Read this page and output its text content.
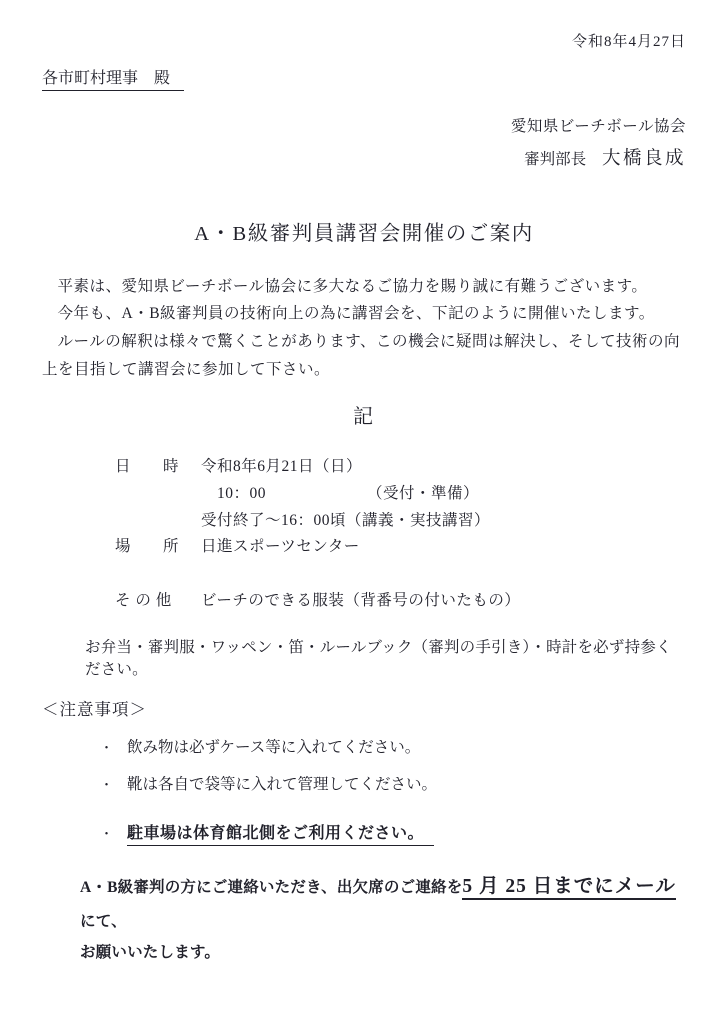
令和8年4月27日
各市町村理事　殿
愛知県ビーチボール協会
審判部長 大橋良成
A・B級審判員講習会開催のご案内

平素は、愛知県ビーチボール協会に多大なるご協力を賜り誠に有難うございます。

今年も、A・B級審判員の技術向上の為に講習会を、下記のように開催いたします。

ルールの解釈は様々で驚くことがあります、この機会に疑問は解決し、そして技術の向上を目指して講習会に参加して下さい。

記
日　　時	令和8年6月21日（日）
10：00	（受付・準備）
受付終了～16：00頃（講義・実技講習）
場　　所	日進スポーツセンター
そ の 他	ビーチのできる服装（背番号の付いたもの）
お弁当・審判服・ワッペン・笛・ルールブック（審判の手引き）・時計を必ず持参ください。
＜注意事項＞
・ 飲み物は必ずケース等に入れてください。
・ 靴は各自で袋等に入れて管理してください。
・ 駐車場は体育館北側をご利用ください。
A・B級審判の方にご連絡いただき、出欠席のご連絡を5 月 25 日までにメールにて、
お願いいたします。
